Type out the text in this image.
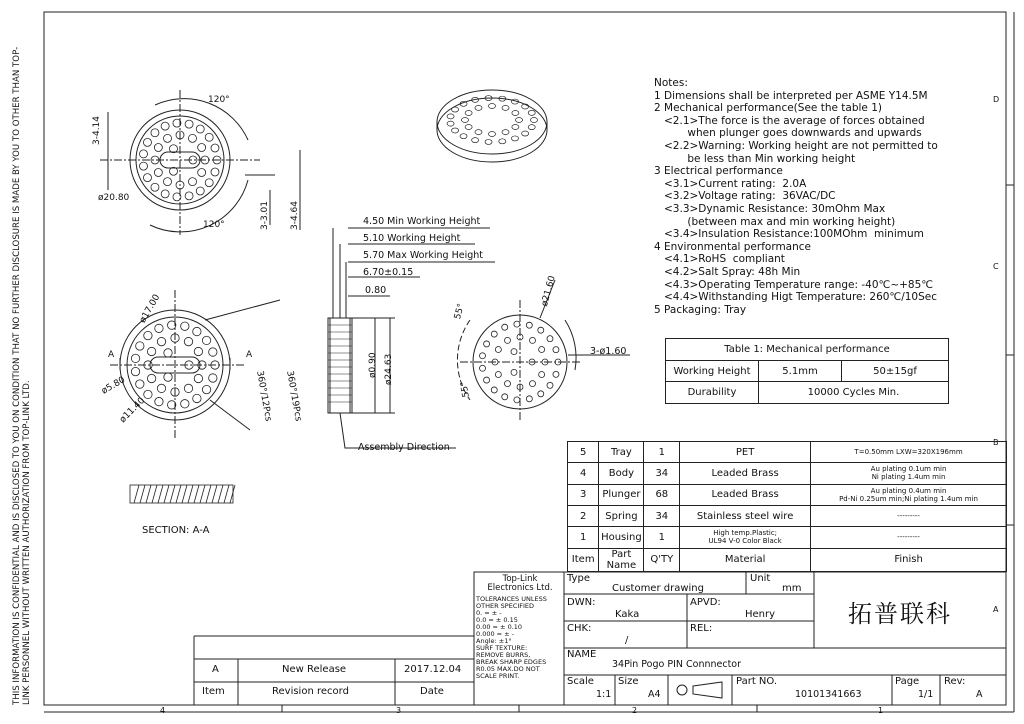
THIS INFORMATION IS CONFIDENTIAL AND IS DISCLOSED TO YOU ON CONDITION THAT NO FURTHER DISCLOSURE IS MADE BY YOU TO OTHER THAN TOP-LINK PERSONNEL WITHOUT WRITTEN AUTHORIZATION FROM TOP-LINK LTD.
4	3	2	1
D
C
B
A
Notes:
1 Dimensions shall be interpreted per ASME Y14.5M
2 Mechanical performance(See the table 1)
<2.1>The force is the average of forces obtained
when plunger goes downwards and upwards
<2.2>Warning: Working height are not permitted to
be less than Min working height
3 Electrical performance
<3.1>Current rating:  2.0A
<3.2>Voltage rating:  36VAC/DC
<3.3>Dynamic Resistance: 30mOhm Max
(between max and min working height)
<3.4>Insulation Resistance:100MOhm  minimum
4 Environmental performance
<4.1>RoHS  compliant
<4.2>Salt Spray: 48h Min
<4.3>Operating Temperature range: -40℃~+85℃
<4.4>Withstanding Higt Temperature: 260℃/10Sec
5 Packaging: Tray
3-4.14
120°
120°
ø20.80
3-3.01 3-4.64
ø17.00
A	A
ø5.80
ø11.40	360°/12Pcs 360°/19Pcs
4.50 Min Working Height
5.10 Working Height
5.70 Max Working Height
6.70±0.15
0.80
ø0.90 ø24.63
Assembly Direction
ø21.60
3-ø1.60
55°
55°
SECTION: A-A
Table 1: Mechanical performance		
Working Height	5.1mm	50±15gf
Durability	10000 Cycles Min.	
5	Tray	1	PET	T=0.50mm LXW=320X196mm
4	Body	34	Leaded Brass	Au plating 0.1um min
Ni plating 1.4um min
3	Plunger	68	Leaded Brass	Au plating 0.4um min
Pd-Ni 0.25um min;Ni plating 1.4um min
2	Spring	34	Stainless steel wire	---------
1	Housing	1	High temp.Plastic;
UL94 V-0 Color Black	---------
Item	Part Name	Q'TY	Material	Finish
Top-Link
Electronics Ltd.
TOLERANCES UNLESS
OTHER SPECIFIED
0. = ± -
0.0 = ± 0.15
0.00 = ± 0.10
0.000 = ± -
Angle: ±1°
SURF TEXTURE:
REMOVE BURRS,
BREAK SHARP EDGES
R0.05 MAX.DO NOT
SCALE PRINT.
Type
Customer drawing
Unit
mm
DWN:
Kaka
APVD:
Henry
CHK:
/
REL:
拓普联科
NAME
34Pin Pogo PIN Connnector
Scale
1:1
Size
A4
Part NO.
10101341663
Page
1/1
Rev:
A
A	New Release	2017.12.04
Item	Revision record	Date
